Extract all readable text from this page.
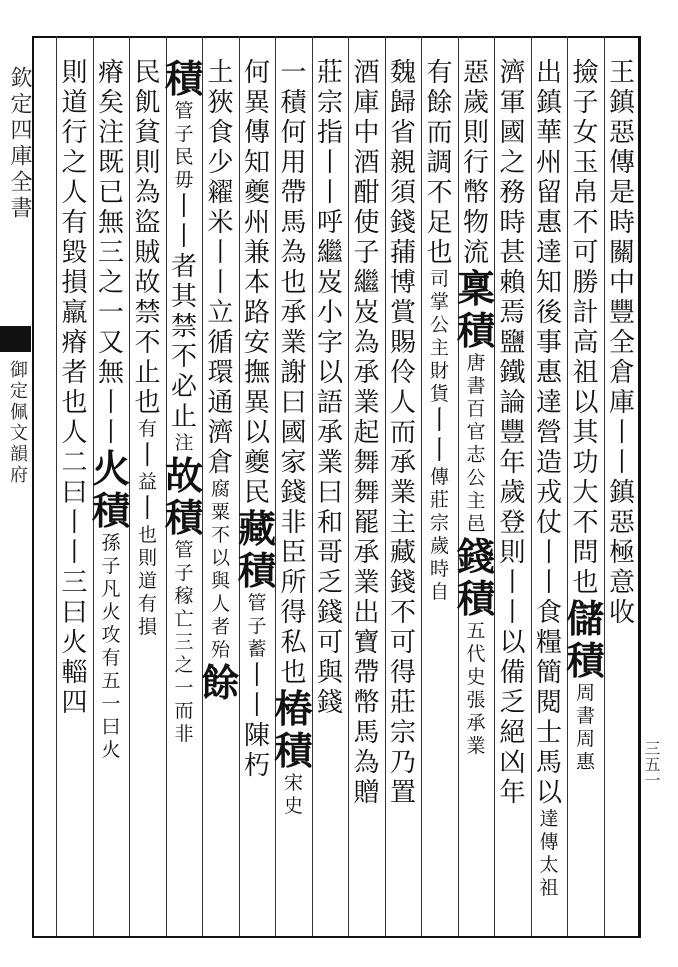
欽定四庫全書
御定佩文韻府
三五一
王
鎮
惡
傳
是
時
關
中
豐
全
倉
庫
丨
丨
鎮
惡
極
意
收
撿
子
女
玉
帛
不
可
勝
計
高
祖
以
其
功
大
不
問
也
儲
積
周
書
周
惠
出
鎮
華
州
留
惠
達
知
後
事
惠
達
營
造
戎
仗
丨
丨
食
糧
簡
閱
士
馬
以
達
傳
太
祖
濟
軍
國
之
務
時
甚
賴
焉
鹽
鐵
論
豐
年
歲
登
則
丨
丨
以
備
乏
絕
凶
年
惡
歲
則
行
幣
物
流
稟
積
唐
書
百
官
志
公
主
邑
錢
積
五
代
史
張
承
業
有
餘
而
調
不
足
也
司
掌
公
主
財
貨
丨
丨
傳
莊
宗
歲
時
自
魏
歸
省
親
須
錢
蒱
博
賞
賜
伶
人
而
承
業
主
藏
錢
不
可
得
莊
宗
乃
置
酒
庫
中
酒
酣
使
子
繼
岌
為
承
業
起
舞
舞
罷
承
業
出
寶
帶
幣
馬
為
贈
莊
宗
指
丨
丨
呼
繼
岌
小
字
以
語
承
業
曰
和
哥
乏
錢
可
與
錢
一
積
何
用
帶
馬
為
也
承
業
謝
曰
國
家
錢
非
臣
所
得
私
也
椿
積
宋
史
何
異
傳
知
夔
州
兼
本
路
安
撫
異
以
夔
民
藏
積
管
子
蓄
丨
丨
陳
朽
土
狹
食
少
糴
米
丨
丨
立
循
環
通
濟
倉
腐
粟
不
以
與
人
者
殆
餘
積
管
子
民
毋
丨
丨
者
其
禁
不
必
止
注
故
積
管
子
稼
亡
三
之
一
而
非
民
飢
貧
則
為
盜
賊
故
禁
不
止
也
有
丨
益
丨
也
則
道
有
損
瘠
矣
注
既
已
無
三
之
一
又
無
丨
丨
火
積
孫
子
凡
火
攻
有
五
一
曰
火
則
道
行
之
人
有
毀
損
羸
瘠
者
也
人
二
曰
丨
丨
三
曰
火
輜
四
